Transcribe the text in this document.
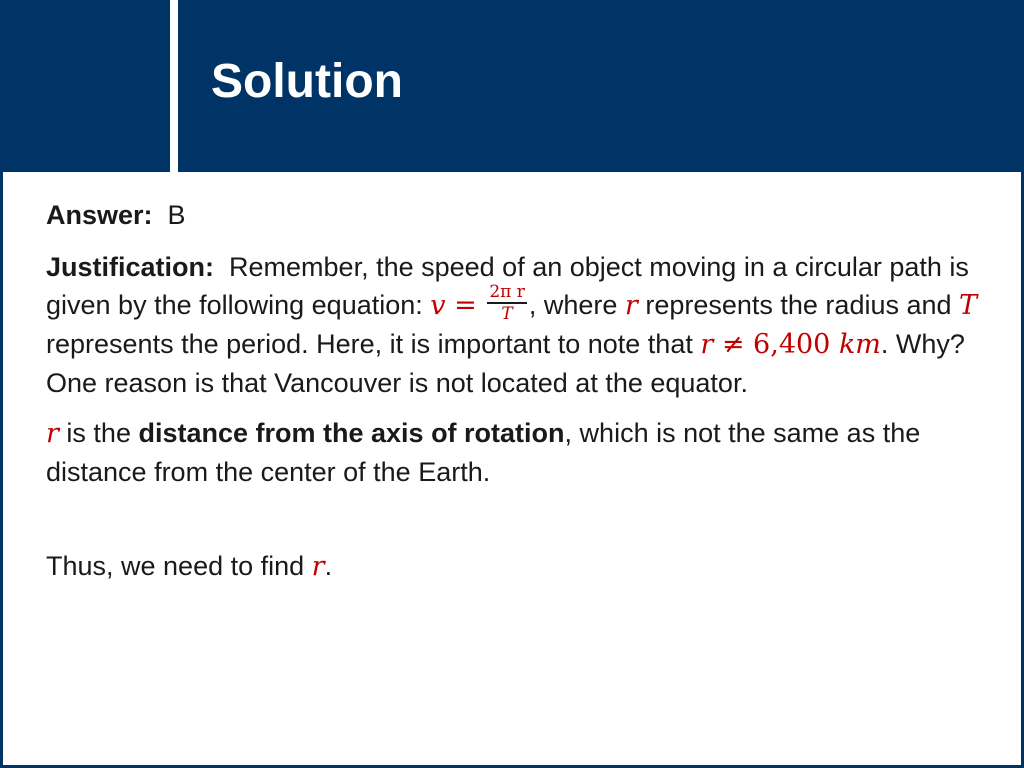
Solution

Answer: B

Justification: Remember, the speed of an object moving in a circular path is given by the following equation: $v = \frac{\text{2π r}}{T}$ , where r represents the radius and T represents the period. Here, it is important to note that r ≠ 6,400 km. Why? One reason is that Vancouver is not located at the equator.

r is the distance from the axis of rotation, which is not the same as the distance from the center of the Earth.

Thus, we need to find r.
